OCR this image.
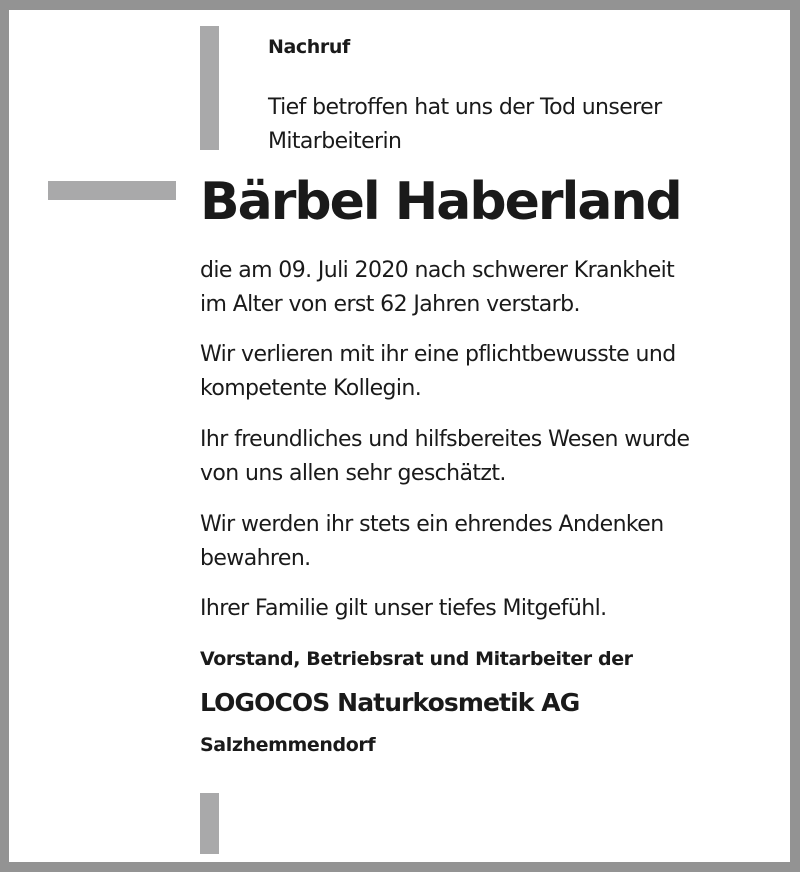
Nachruf
Tief betroffen hat uns der Tod unserer
Mitarbeiterin
Bärbel Haberland
die am 09. Juli 2020 nach schwerer Krankheit
im Alter von erst 62 Jahren verstarb.
Wir verlieren mit ihr eine pflichtbewusste und
kompetente Kollegin.
Ihr freundliches und hilfsbereites Wesen wurde
von uns allen sehr geschätzt.
Wir werden ihr stets ein ehrendes Andenken
bewahren.
Ihrer Familie gilt unser tiefes Mitgefühl.
Vorstand, Betriebsrat und Mitarbeiter der
LOGOCOS Naturkosmetik AG
Salzhemmendorf
